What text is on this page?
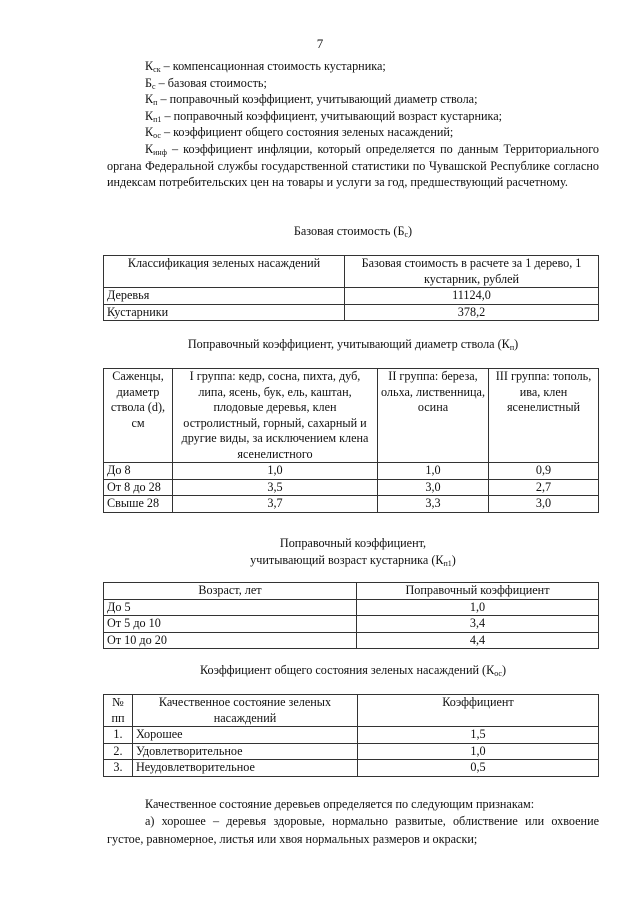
7

$К_{ск}$ – компенсационная стоимость кустарника;

$Б_с$ – базовая стоимость;

$К_п$ – поправочный коэффициент, учитывающий диаметр ствола;

$К_{п1}$ – поправочный коэффициент, учитывающий возраст кустарника;

$К_{ос}$ – коэффициент общего состояния зеленых насаждений;

$К_{инф}$ – коэффициент инфляции, который определяется по данным Территориального органа Федеральной службы государственной статистики по Чувашской Республике согласно индексам потребительских цен на товары и услуги за год, предшествующий расчетному.

Базовая стоимость $(Б_с)$
Классификация зеленых насаждений	Базовая стоимость в расчете за 1 дерево, 1 кустарник, рублей
Деревья	11124,0
Кустарники	378,2
Поправочный коэффициент, учитывающий диаметр ствола $(К_п)$
Саженцы, диаметр ствола (d), см	I группа: кедр, сосна, пихта, дуб, липа, ясень, бук, ель, каштан, плодовые деревья, клен остролистный, горный, сахарный и другие виды, за исключением клена ясенелистного	II группа: береза, ольха, лиственница, осина	III группа: тополь, ива, клен ясенелистный
До 8	1,0	1,0	0,9
От 8 до 28	3,5	3,0	2,7
Свыше 28	3,7	3,3	3,0
Поправочный коэффициент,
учитывающий возраст кустарника $(К_{п1})$
Возраст, лет	Поправочный коэффициент
До 5	1,0
От 5 до 10	3,4
От 10 до 20	4,4
Коэффициент общего состояния зеленых насаждений $(К_{ос})$
№ пп	Качественное состояние зеленых насаждений	Коэффициент
1.	Хорошее	1,5
2.	Удовлетворительное	1,0
3.	Неудовлетворительное	0,5

Качественное состояние деревьев определяется по следующим признакам:

а) хорошее – деревья здоровые, нормально развитые, облиствение или охвоение густое, равномерное, листья или хвоя нормальных размеров и окраски;
